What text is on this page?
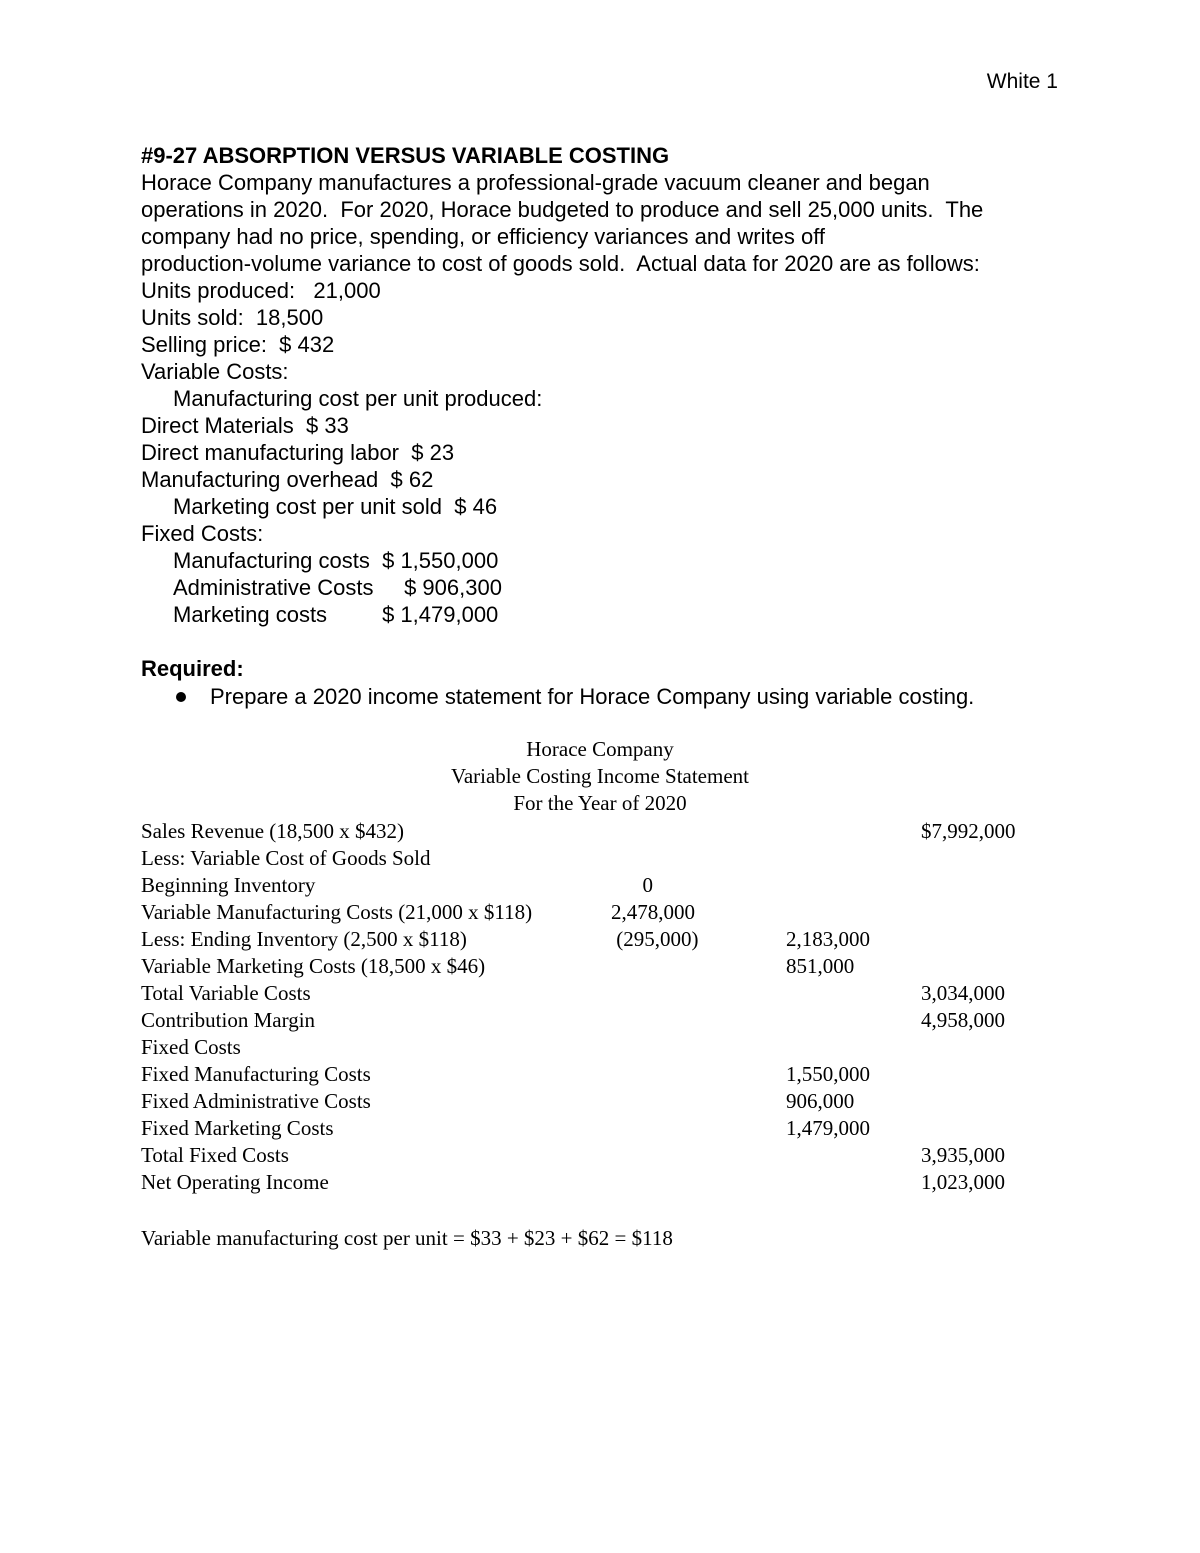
White 1
#9-27 ABSORPTION VERSUS VARIABLE COSTING
Horace Company manufactures a professional-grade vacuum cleaner and began
operations in 2020.  For 2020, Horace budgeted to produce and sell 25,000 units.  The
company had no price, spending, or efficiency variances and writes off
production-volume variance to cost of goods sold.  Actual data for 2020 are as follows:
Units produced:   21,000
Units sold:  18,500
Selling price:  $ 432
Variable Costs:
Manufacturing cost per unit produced:
Direct Materials  $ 33
Direct manufacturing labor  $ 23
Manufacturing overhead  $ 62
Marketing cost per unit sold  $ 46
Fixed Costs:
Manufacturing costs  $ 1,550,000
Administrative Costs     $ 906,300
Marketing costs         $ 1,479,000
Required:
Prepare a 2020 income statement for Horace Company using variable costing.
Horace Company
Variable Costing Income Statement
For the Year of 2020
Sales Revenue (18,500 x $432)	$7,992,000
Less: Variable Cost of Goods Sold
Beginning Inventory	0
Variable Manufacturing Costs (21,000 x $118)	2,478,000
Less: Ending Inventory (2,500 x $118)	(295,000)	2,183,000
Variable Marketing Costs (18,500 x $46)	851,000
Total Variable Costs	3,034,000
Contribution Margin	4,958,000
Fixed Costs
Fixed Manufacturing Costs	1,550,000
Fixed Administrative Costs	906,000
Fixed Marketing Costs	1,479,000
Total Fixed Costs	3,935,000
Net Operating Income	1,023,000
Variable manufacturing cost per unit = $33 + $23 + $62 = $118
